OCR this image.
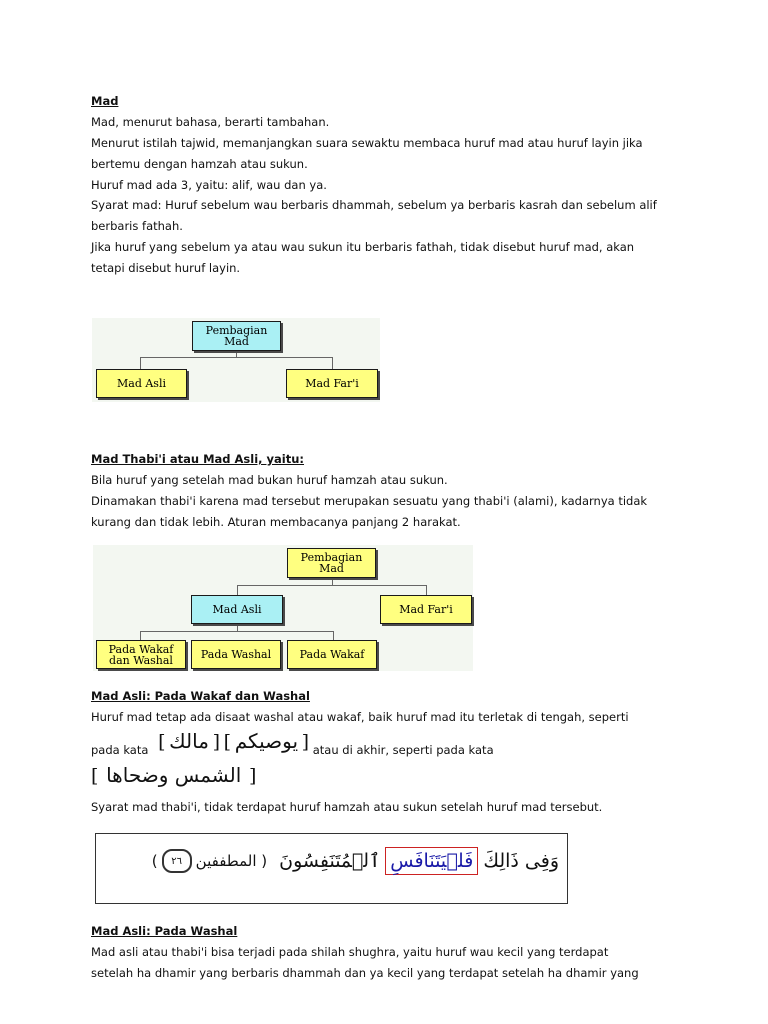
Mad
Mad, menurut bahasa, berarti tambahan.
Menurut istilah tajwid, memanjangkan suara sewaktu membaca huruf mad atau huruf layin jika
bertemu dengan hamzah atau sukun.
Huruf mad ada 3, yaitu: alif, wau dan ya.
Syarat mad: Huruf sebelum wau berbaris dhammah, sebelum ya berbaris kasrah dan sebelum alif
berbaris fathah.
Jika huruf yang sebelum ya atau wau sukun itu berbaris fathah, tidak disebut huruf mad, akan
tetapi disebut huruf layin.
Pembagian Mad
Mad Asli	Mad Far'i
Mad Thabi'i atau Mad Asli, yaitu:
Bila huruf yang setelah mad bukan huruf hamzah atau sukun.
Dinamakan thabi'i karena mad tersebut merupakan sesuatu yang thabi'i (alami), kadarnya tidak
kurang dan tidak lebih. Aturan membacanya panjang 2 harakat.
Pembagian Mad
Mad Asli	Mad Far'i
Pada Wakaf dan Washal	Pada Washal	Pada Wakaf
Mad Asli: Pada Wakaf dan Washal
Huruf mad tetap ada disaat washal atau wakaf, baik huruf mad itu terletak di tengah, seperti
pada kata [ مالك ] [ يوصيكم ] atau di akhir, seperti pada kata
[ الشمس وضحاها ]
Syarat mad thabi'i, tidak terdapat huruf hamzah atau sukun setelah huruf mad tersebut.
وَفِى ذَالِكَ
فَلۡيَتَنَافَسِ
ٱلۡمُتَنَفِسُونَ
( المطففين
٢٦
)
Mad Asli: Pada Washal
Mad asli atau thabi'i bisa terjadi pada shilah shughra, yaitu huruf wau kecil yang terdapat
setelah ha dhamir yang berbaris dhammah dan ya kecil yang terdapat setelah ha dhamir yang
